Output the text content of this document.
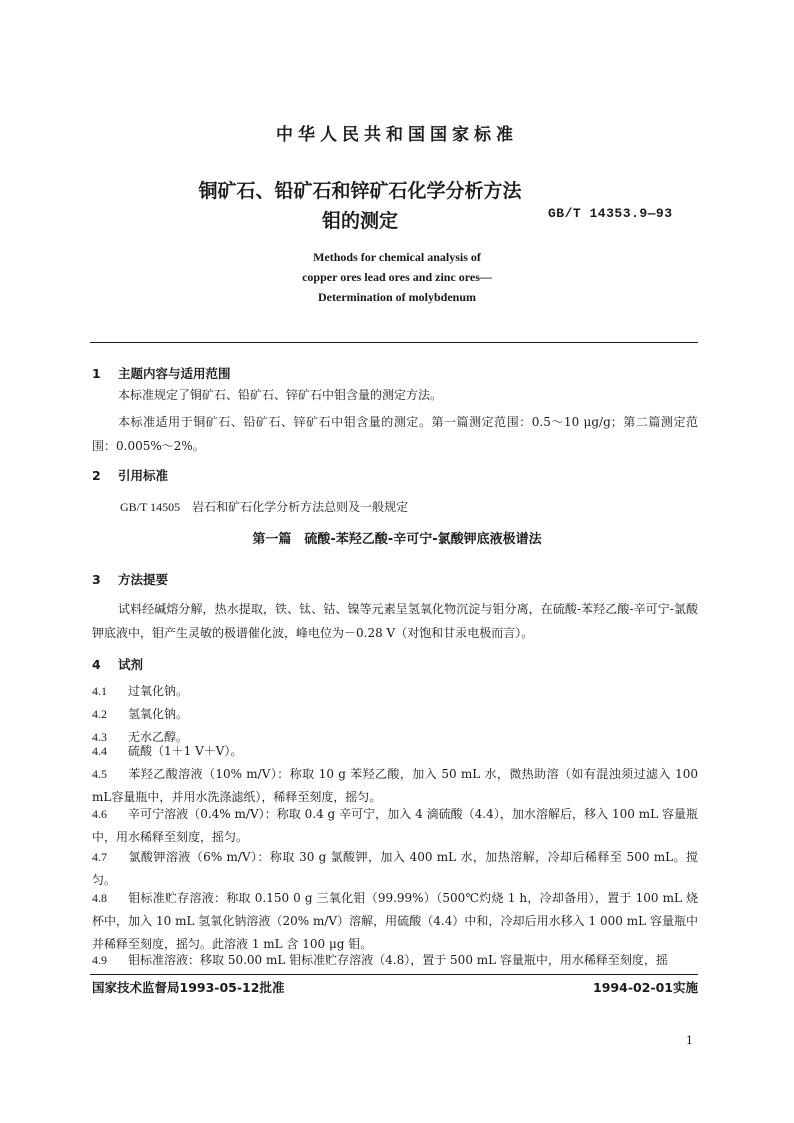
中华人民共和国国家标准
铜矿石、铅矿石和锌矿石化学分析方法
钼的测定	GB/T 14353.9—93
Methods for chemical analysis of
copper ores lead ores and zinc ores—
Determination of molybdenum
1 主题内容与适用范围
本标准规定了铜矿石、铅矿石、锌矿石中钼含量的测定方法。
本标准适用于铜矿石、铅矿石、锌矿石中钼含量的测定。第一篇测定范围：0.5～10 μg/g；第二篇测定范围：0.005%～2%。
2 引用标准
GB/T 14505 岩石和矿石化学分析方法总则及一般规定
第一篇　硫酸-苯羟乙酸-辛可宁-氯酸钾底液极谱法
3 方法提要
试料经碱熔分解，热水提取，铁、钛、钴、镍等元素呈氢氧化物沉淀与钼分离，在硫酸-苯羟乙酸-辛可宁-氯酸钾底液中，钼产生灵敏的极谱催化波，峰电位为－0.28 V（对饱和甘汞电极而言）。
4 试剂
4.1 过氧化钠。
4.2 氢氧化钠。
4.3 无水乙醇。
4.4 硫酸（1＋1 V＋V）。
4.5 苯羟乙酸溶液（10% m/V）：称取 10 g 苯羟乙酸，加入 50 mL 水，微热助溶（如有混浊须过滤入 100 mL容量瓶中，并用水洗涤滤纸），稀释至刻度，摇匀。
4.6 辛可宁溶液（0.4% m/V）：称取 0.4 g 辛可宁，加入 4 滴硫酸（4.4），加水溶解后，移入 100 mL 容量瓶中，用水稀释至刻度，摇匀。
4.7 氯酸钾溶液（6% m/V）：称取 30 g 氯酸钾，加入 400 mL 水，加热溶解，冷却后稀释至 500 mL。搅匀。
4.8 钼标准贮存溶液：称取 0.150 0 g 三氧化钼（99.99%）（500℃灼烧 1 h，冷却备用），置于 100 mL 烧杯中，加入 10 mL 氢氧化钠溶液（20% m/V）溶解，用硫酸（4.4）中和，冷却后用水移入 1 000 mL 容量瓶中并稀释至刻度，摇匀。此溶液 1 mL 含 100 μg 钼。
4.9 钼标准溶液：移取 50.00 mL 钼标准贮存溶液（4.8），置于 500 mL 容量瓶中，用水稀释至刻度，摇
国家技术监督局1993-05-12批准	1994-02-01实施
1
